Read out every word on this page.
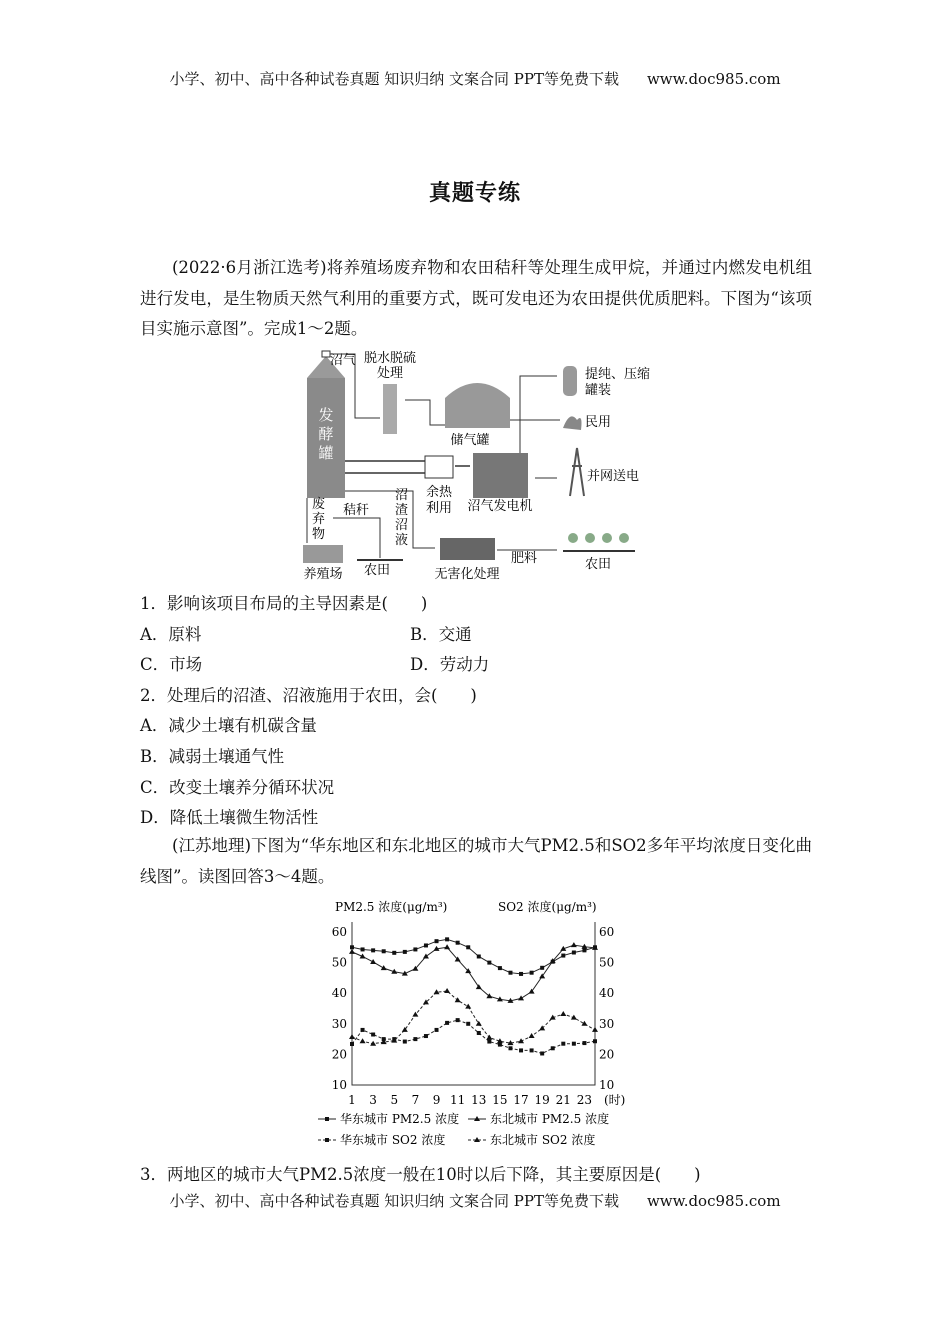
小学、初中、高中各种试卷真题 知识归纳 文案合同 PPT等免费下载 www.doc985.com
真题专练
(2022·6月浙江选考)将养殖场废弃物和农田秸秆等处理生成甲烷，并通过内燃发电机组进行发电，是生物质天然气利用的重要方式，既可发电还为农田提供优质肥料。下图为“该项目实施示意图”。完成1～2题。
发
酵
罐
沼气 脱水脱硫
处理
储气罐
提纯、压缩
罐装
民用
沼气发电机
并网送电
余热
利用
废
弃
物
秸秆
沼
渣
沼
液
养殖场 农田	无害化处理
肥料	农田
1．影响该项目布局的主导因素是(　　)
A．原料	B．交通
C．市场	D．劳动力
2．处理后的沼渣、沼液施用于农田，会(　　)
A．减少土壤有机碳含量
B．减弱土壤通气性
C．改变土壤养分循环状况
D．降低土壤微生物活性
(江苏地理)下图为“华东地区和东北地区的城市大气PM2.5和SO2多年平均浓度日变化曲线图”。读图回答3～4题。
PM2.5 浓度(μg/m³)	SO2 浓度(μg/m³)
(时)
10	10
20	20
30	30
40	40
50	50
60	60
1 3 5 7 9 11 13 15 17 19 21 23
华东城市 PM2.5 浓度	东北城市 PM2.5 浓度
华东城市 SO2 浓度	东北城市 SO2 浓度
3．两地区的城市大气PM2.5浓度一般在10时以后下降，其主要原因是(　　)
小学、初中、高中各种试卷真题 知识归纳 文案合同 PPT等免费下载 www.doc985.com
